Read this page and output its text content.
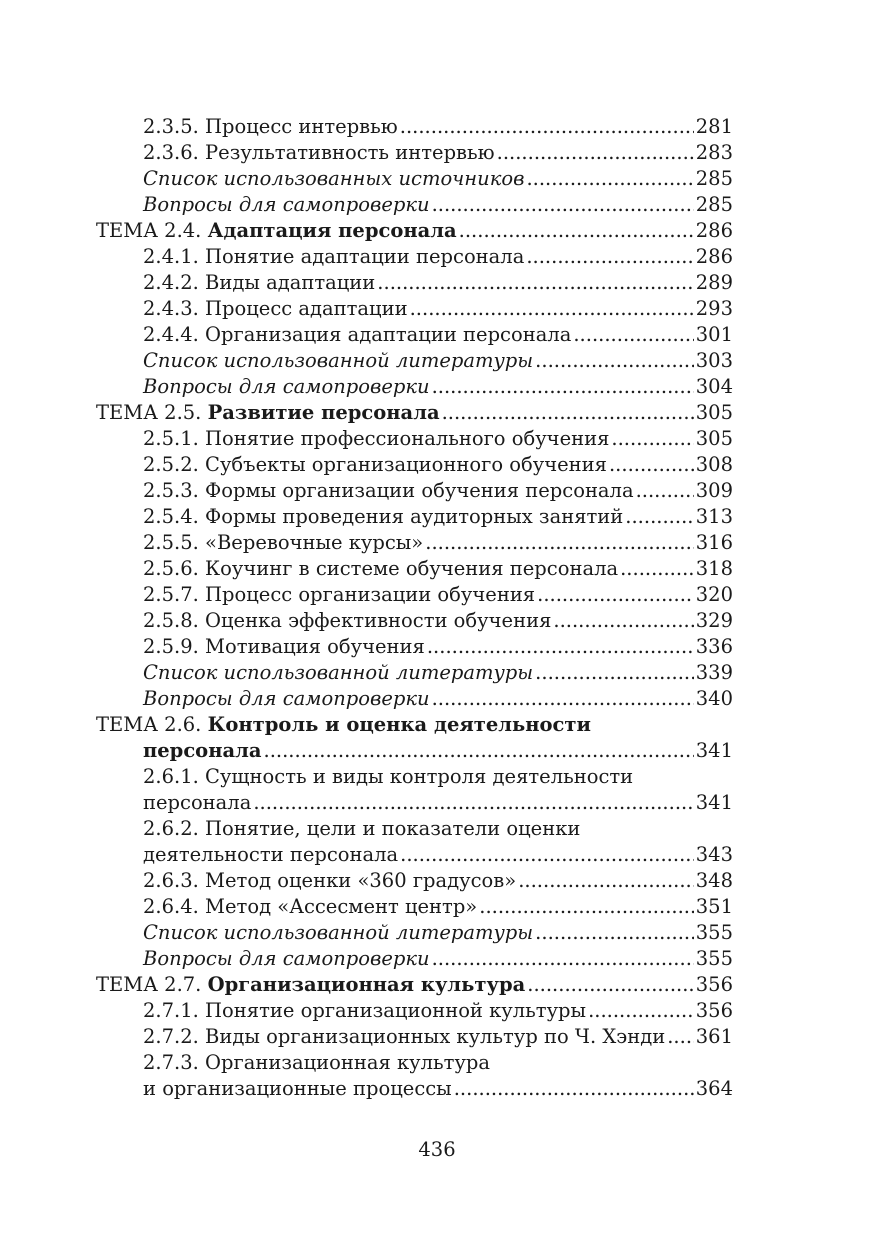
2.3.5. Процесс интервью .....	281
2.3.6. Результативность интервью .....	283
Список использованных источников .....	285
Вопросы для самопроверки .....	285
ТЕМА 2.4. Адаптация персонала .....	286
2.4.1. Понятие адаптации персонала .....	286
2.4.2. Виды адаптации .....	289
2.4.3. Процесс адаптации .....	293
2.4.4. Организация адаптации персонала .....	301
Список использованной литературы .....	303
Вопросы для самопроверки .....	304
ТЕМА 2.5. Развитие персонала .....	305
2.5.1. Понятие профессионального обучения .....	305
2.5.2. Субъекты организационного обучения .....	308
2.5.3. Формы организации обучения персонала .....	309
2.5.4. Формы проведения аудиторных занятий .....	313
2.5.5. «Веревочные курсы» .....	316
2.5.6. Коучинг в системе обучения персонала .....	318
2.5.7. Процесс организации обучения .....	320
2.5.8. Оценка эффективности обучения .....	329
2.5.9. Мотивация обучения .....	336
Список использованной литературы .....	339
Вопросы для самопроверки .....	340
ТЕМА 2.6. Контроль и оценка деятельности
персонала .....	341
2.6.1. Сущность и виды контроля деятельности
персонала .....	341
2.6.2. Понятие, цели и показатели оценки
деятельности персонала .....	343
2.6.3. Метод оценки «360 градусов» .....	348
2.6.4. Метод «Ассесмент центр» .....	351
Список использованной литературы .....	355
Вопросы для самопроверки .....	355
ТЕМА 2.7. Организационная культура .....	356
2.7.1. Понятие организационной культуры .....	356
2.7.2. Виды организационных культур по Ч. Хэнди ..... 361
2.7.3. Организационная культура
и организационные процессы .....	364
436
